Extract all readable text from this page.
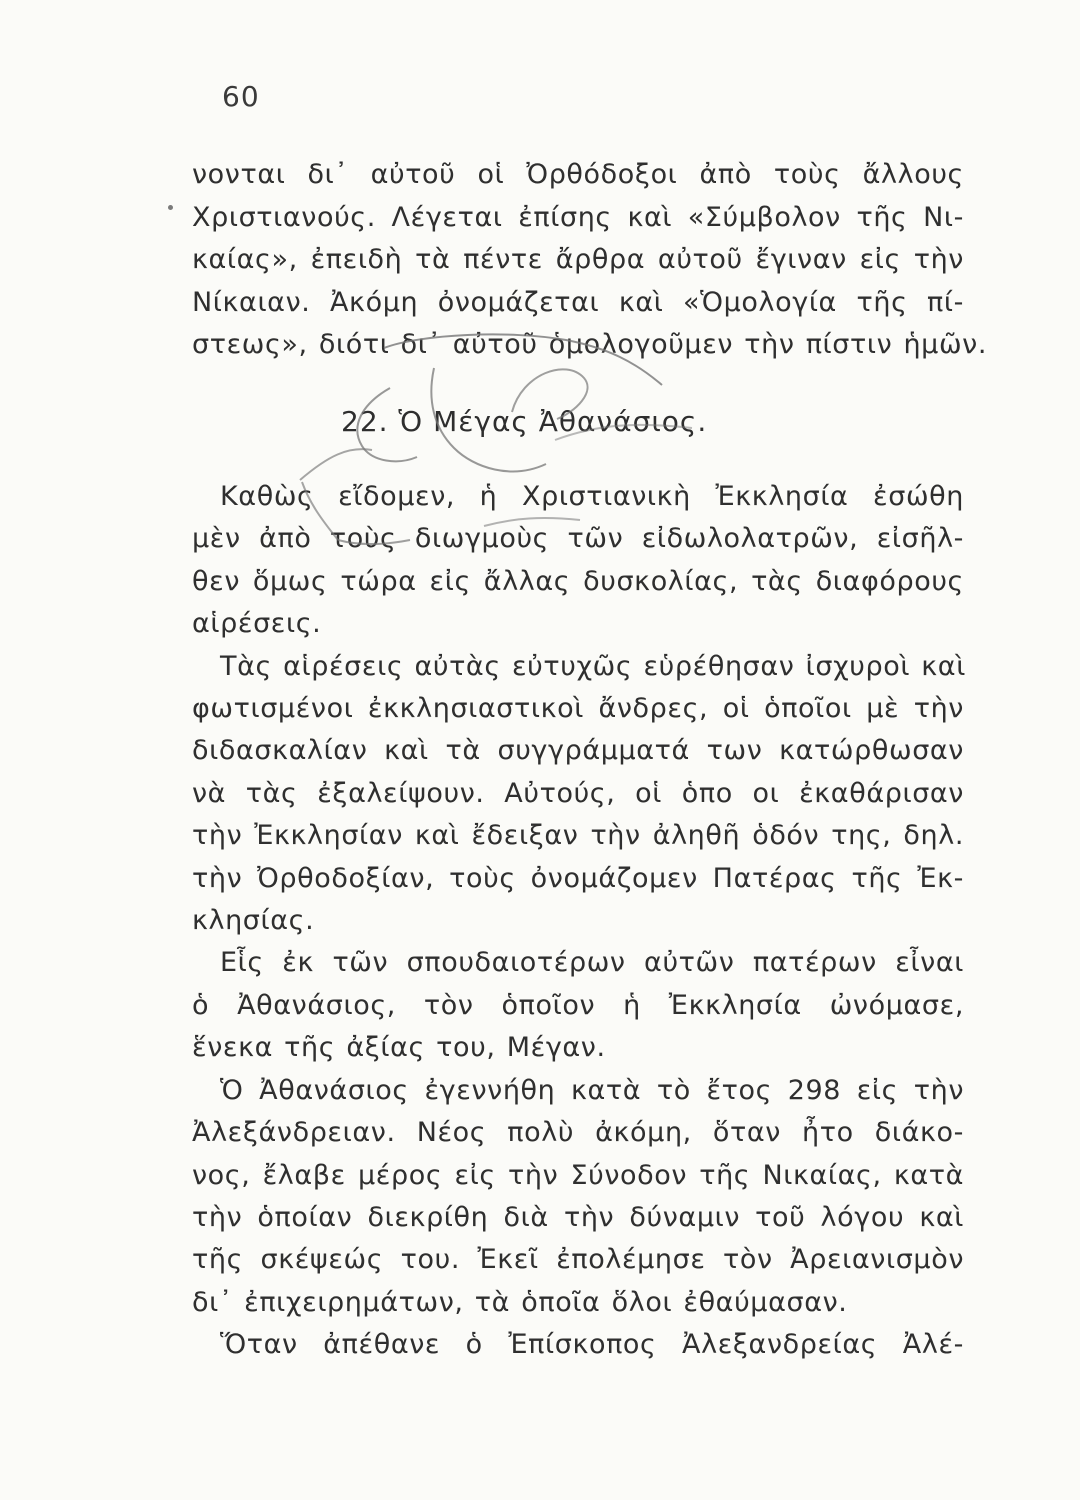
60
νονται δι᾽ αὐτοῦ οἱ Ὀρθόδοξοι ἀπὸ τοὺς ἄλλους
Χριστιανούς. Λέγεται ἐπίσης καὶ «Σύμβολον τῆς Νι-
καίας», ἐπειδὴ τὰ πέντε ἄρθρα αὐτοῦ ἔγιναν εἰς τὴν
Νίκαιαν. Ἀκόμη ὀνομάζεται καὶ «Ὁμολογία τῆς πί-
στεως», διότι δι᾽ αὐτοῦ ὁμολογοῦμεν τὴν πίστιν ἡμῶν.
22. Ὁ Μέγας Ἀθανάσιος.
Καθὼς εἴδομεν, ἡ Χριστιανικὴ Ἐκκλησία ἐσώθη
μὲν ἀπὸ τοὺς διωγμοὺς τῶν εἰδωλολατρῶν, εἰσῆλ-
θεν ὅμως τώρα εἰς ἄλλας δυσκολίας, τὰς διαφόρους
αἱρέσεις.
Τὰς αἱρέσεις αὐτὰς εὐτυχῶς εὑρέθησαν ἰσχυροὶ καὶ
φωτισμένοι ἐκκλησιαστικοὶ ἄνδρες, οἱ ὁποῖοι μὲ τὴν
διδασκαλίαν καὶ τὰ συγγράμματά των κατώρθωσαν
νὰ τὰς ἐξαλείψουν. Αὐτούς, οἱ ὁπο οι ἐκαθάρισαν
τὴν Ἐκκλησίαν καὶ ἔδειξαν τὴν ἀληθῆ ὁδόν της, δηλ.
τὴν Ὀρθοδοξίαν, τοὺς ὀνομάζομεν Πατέρας τῆς Ἐκ-
κλησίας.
Εἷς ἐκ τῶν σπουδαιοτέρων αὐτῶν πατέρων εἶναι
ὁ Ἀθανάσιος, τὸν ὁποῖον ἡ Ἐκκλησία ὠνόμασε,
ἕνεκα τῆς ἀξίας του, Μέγαν.
Ὁ Ἀθανάσιος ἐγεννήθη κατὰ τὸ ἔτος 298 εἰς τὴν
Ἀλεξάνδρειαν. Νέος πολὺ ἀκόμη, ὅταν ἦτο διάκο-
νος, ἔλαβε μέρος εἰς τὴν Σύνοδον τῆς Νικαίας, κατὰ
τὴν ὁποίαν διεκρίθη διὰ τὴν δύναμιν τοῦ λόγου καὶ
τῆς σκέψεώς του. Ἐκεῖ ἐπολέμησε τὸν Ἀρειανισμὸν
δι᾽ ἐπιχειρημάτων, τὰ ὁποῖα ὅλοι ἐθαύμασαν.
Ὅταν ἀπέθανε ὁ Ἐπίσκοπος Ἀλεξανδρείας Ἀλέ-
